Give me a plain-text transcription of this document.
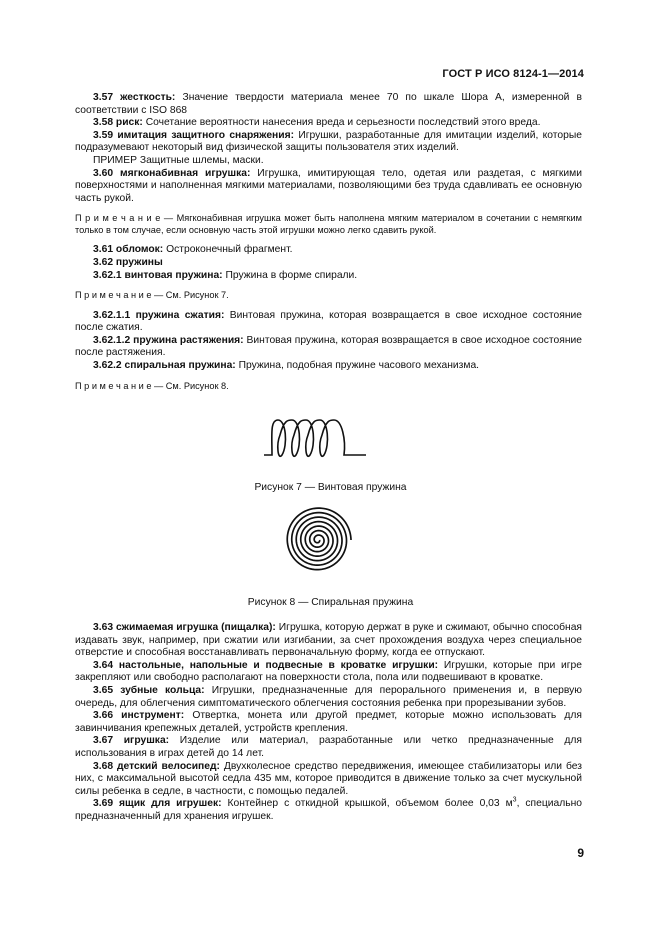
ГОСТ Р ИСО 8124-1—2014

3.57 жесткость: Значение твердости материала менее 70 по шкале Шора А, измеренной в соответствии с ISO 868

3.58 риск: Сочетание вероятности нанесения вреда и серьезности последствий этого вреда.

3.59 имитация защитного снаряжения: Игрушки, разработанные для имитации изделий, которые подразумевают некоторый вид физической защиты пользователя этих изделий.

ПРИМЕР Защитные шлемы, маски.

3.60 мягконабивная игрушка: Игрушка, имитирующая тело, одетая или раздетая, с мягкими поверхностями и наполненная мягкими материалами, позволяющими без труда сдавливать ее основную часть рукой.

П р и м е ч а н и е — Мягконабивная игрушка может быть наполнена мягким материалом в сочетании с немягким только в том случае, если основную часть этой игрушки можно легко сдавить рукой.

3.61 обломок: Остроконечный фрагмент.

3.62 пружины

3.62.1 винтовая пружина: Пружина в форме спирали.

П р и м е ч а н и е — См. Рисунок 7.

3.62.1.1 пружина сжатия: Винтовая пружина, которая возвращается в свое исходное состояние после сжатия.

3.62.1.2 пружина растяжения: Винтовая пружина, которая возвращается в свое исходное состояние после растяжения.

3.62.2 спиральная пружина: Пружина, подобная пружине часового механизма.

П р и м е ч а н и е — См. Рисунок 8.

Рисунок 7 — Винтовая пружина
Рисунок 8 — Спиральная пружина

3.63 сжимаемая игрушка (пищалка): Игрушка, которую держат в руке и сжимают, обычно способная издавать звук, например, при сжатии или изгибании, за счет прохождения воздуха через специальное отверстие и способная восстанавливать первоначальную форму, когда ее отпускают.

3.64 настольные, напольные и подвесные в кроватке игрушки: Игрушки, которые при игре закрепляют или свободно располагают на поверхности стола, пола или подвешивают в кроватке.

3.65 зубные кольца: Игрушки, предназначенные для перорального применения и, в первую очередь, для облегчения симптоматического облегчения состояния ребенка при прорезывании зубов.

3.66 инструмент: Отвертка, монета или другой предмет, которые можно использовать для завинчивания крепежных деталей, устройств крепления.

3.67 игрушка: Изделие или материал, разработанные или четко предназначенные для использования в играх детей до 14 лет.

3.68 детский велосипед: Двухколесное средство передвижения, имеющее стабилизаторы или без них, с максимальной высотой седла 435 мм, которое приводится в движение только за счет мускульной силы ребенка в седле, в частности, с помощью педалей.

3.69 ящик для игрушек: Контейнер с откидной крышкой, объемом более 0,03 $м^3$, специально предназначенный для хранения игрушек.

9
